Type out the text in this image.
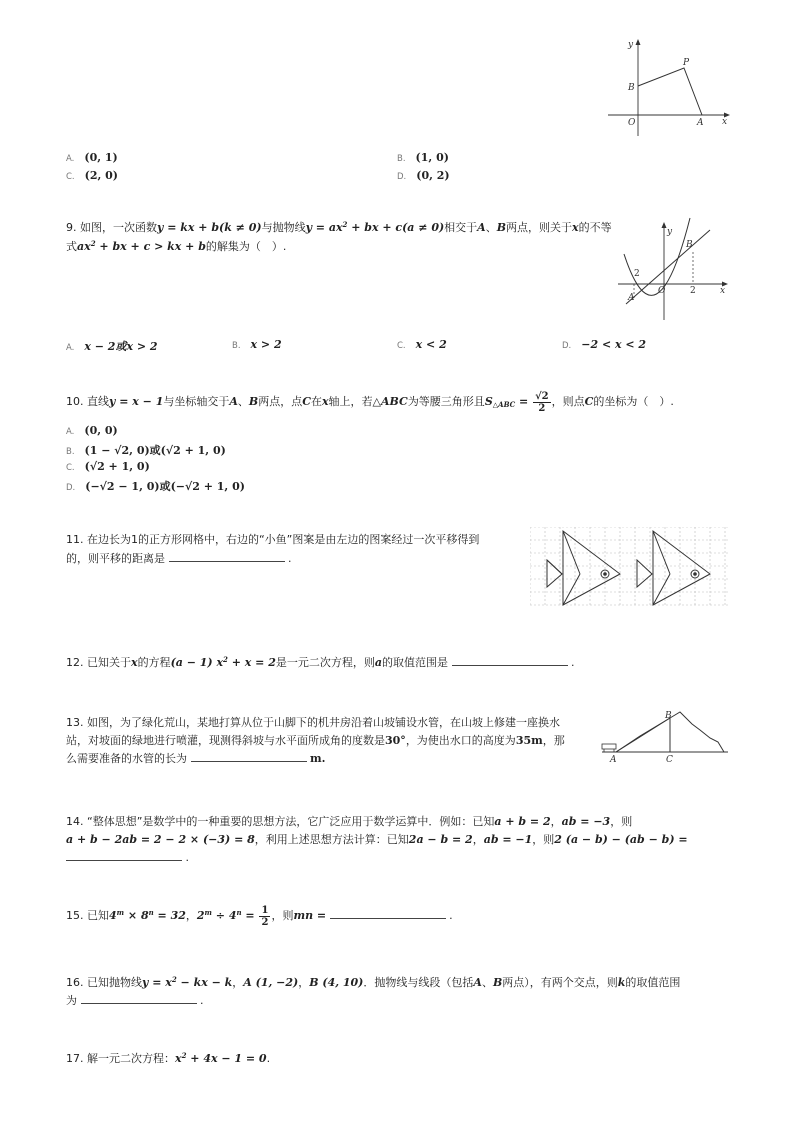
y
x
O	A
B
P
A. (0, 1)	B. (1, 0)
C. (2, 0)	D. (0, 2)
9. 如图，一次函数y = kx + b(k ≠ 0)与抛物线$y = ax^2$ + bx + c(a ≠ 0)相交于A、B两点，则关于x的不等
式$ax^2$ + bx + c > kx + b的解集为（　）.
y
x
O
A
B
2
2
A. x − 2或x > 2	B. x > 2	C. x < 2	D. −2 < x < 2
10. 直线y = x − 1与坐标轴交于A、B两点，点C在x轴上，若△ABC为等腰三角形且$S_{\triangle ABC} = \frac{√2}{2}$ ，则点C的坐标为（　）.
A. (0, 0)
B. (1 − √2, 0)或(√2 + 1, 0)
C. (√2 + 1, 0)
D. (−√2 − 1, 0)或(−√2 + 1, 0)
11. 在边长为1的正方形网格中，右边的“小鱼”图案是由左边的图案经过一次平移得到
的，则平移的距离是	.
12. 已知关于x的方程(a − 1) $x^2 + x = 2$是一元二次方程，则a的取值范围是	.
13. 如图，为了绿化荒山，某地打算从位于山脚下的机井房沿着山坡铺设水管，在山坡上修建一座换水
站，对坡面的绿地进行喷灌，现测得斜坡与水平面所成角的度数是30°，为使出水口的高度为35m，那
么需要准备的水管的长为	m.	A
B
C
14. “整体思想”是数学中的一种重要的思想方法，它广泛应用于数学运算中．例如：已知a + b = 2，ab = −3，则
a + b − 2ab = 2 − 2 × (−3) = 8，利用上述思想方法计算：已知2a − b = 2，ab = −1，则2 (a − b) − (ab − b) =
.
15. 已知$4^m \times 8^n = 32$，$2^m \div 4^n = \frac{1}{2}$ ，则mn =	.
16. 已知抛物线$y = x^2$ − kx − k，A (1, −2)，B (4, 10)．抛物线与线段（包括A、B两点），有两个交点，则k的取值范围
为	.
17. 解一元二次方程：$x^2 + 4x - 1 = 0$.
